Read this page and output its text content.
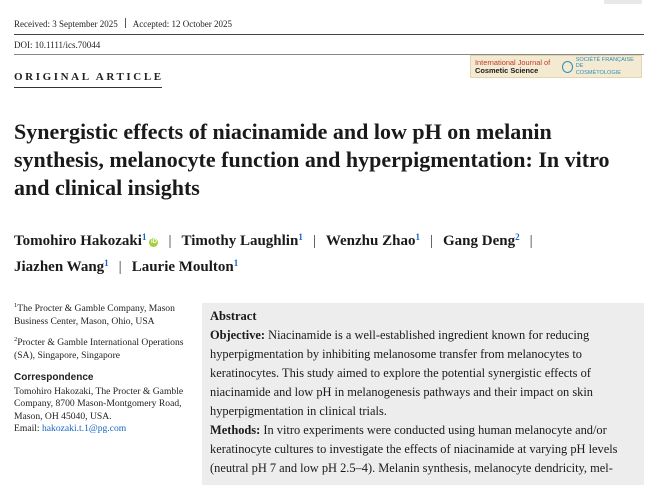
Received: 3 September 2025 Accepted: 12 October 2025
DOI: 10.1111/ics.70044
ORIGINAL ARTICLE
International Journal of
Cosmetic Science
SOCIÉTÉ FRANÇAISE DE
COSMÉTOLOGIE
Synergistic effects of niacinamide and low pH on melanin synthesis, melanocyte function and hyperpigmentation: In vitro and clinical insights
Tomohiro Hakozaki$^1$ iD | Timothy Laughlin$^1$ | Wenzhu Zhao$^1$ | Gang Deng$^2$ |
Jiazhen Wang$^1$ | Laurie Moulton$^1$
$^1$The Procter & Gamble Company, Mason Business Center, Mason, Ohio, USA
$^2$Procter & Gamble International Operations (SA), Singapore, Singapore
Correspondence
Tomohiro Hakozaki, The Procter & Gamble Company, 8700 Mason-Montgomery Road, Mason, OH 45040, USA.
Email: hakozaki.t.1@pg.com
Abstract

Objective: Niacinamide is a well-established ingredient known for reducing hyperpigmentation by inhibiting melanosome transfer from melanocytes to keratinocytes. This study aimed to explore the potential synergistic effects of niacinamide and low pH in melanogenesis pathways and their impact on skin hyperpigmentation in clinical trials.

Methods: In vitro experiments were conducted using human melanocyte and/or keratinocyte cultures to investigate the effects of niacinamide at varying pH levels (neutral pH 7 and low pH 2.5–4). Melanin synthesis, melanocyte dendricity, mel-
